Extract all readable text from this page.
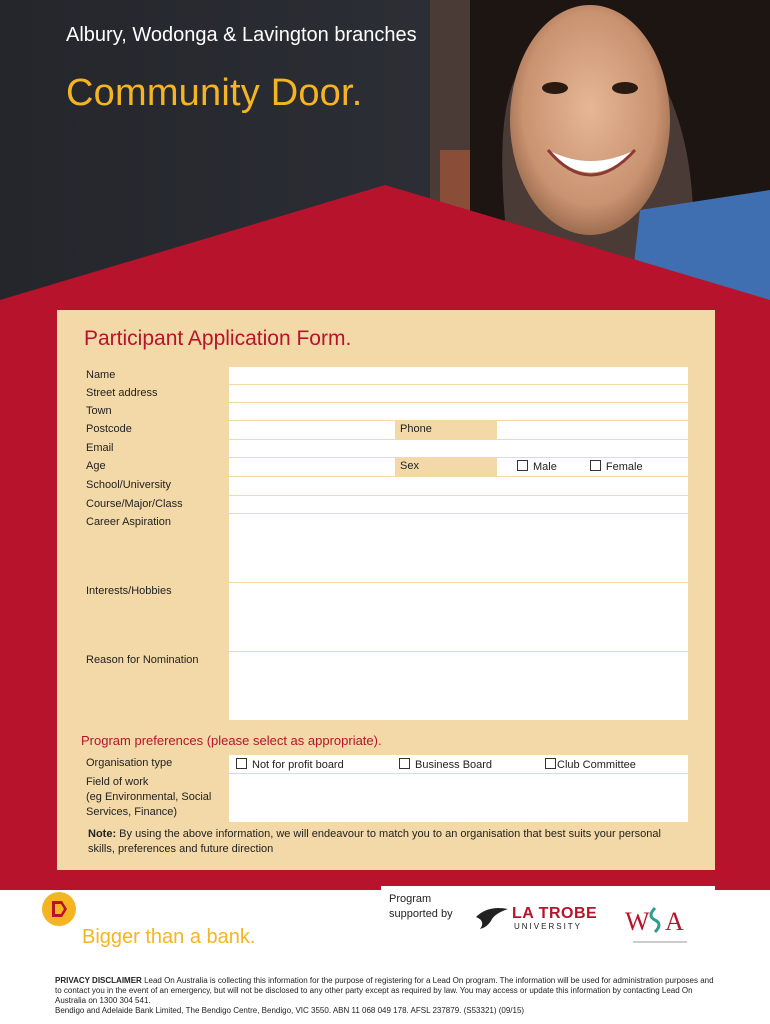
Albury, Wodonga & Lavington branches
Community Door.
Participant Application Form.
Name
Street address
Town
Postcode	Phone
Email
Age	Sex	Male	Female
School/University
Course/Major/Class
Career Aspiration
Interests/Hobbies
Reason for Nomination
Program preferences (please select as appropriate).
Organisation type	Not for profit board	Business Board	Club Committee
Field of work
(eg Environmental, Social
Services, Finance)
Note: By using the above information, we will endeavour to match you to an organisation that best suits your personal skills, preferences and future direction
Bendigo Bank
Bigger than a bank.
LEAD
On
Program supported by	LA TROBE
UNIVERSITY W A
PRIVACY DISCLAIMER Lead On Australia is collecting this information for the purpose of registering for a Lead On program. The information will be used for administration purposes and to contact you in the event of an emergency, but will not be disclosed to any other party except as required by law. You may access or update this information by contacting Lead On Australia on 1300 304 541.
Bendigo and Adelaide Bank Limited, The Bendigo Centre, Bendigo, VIC 3550. ABN 11 068 049 178. AFSL 237879. (S53321) (09/15)
